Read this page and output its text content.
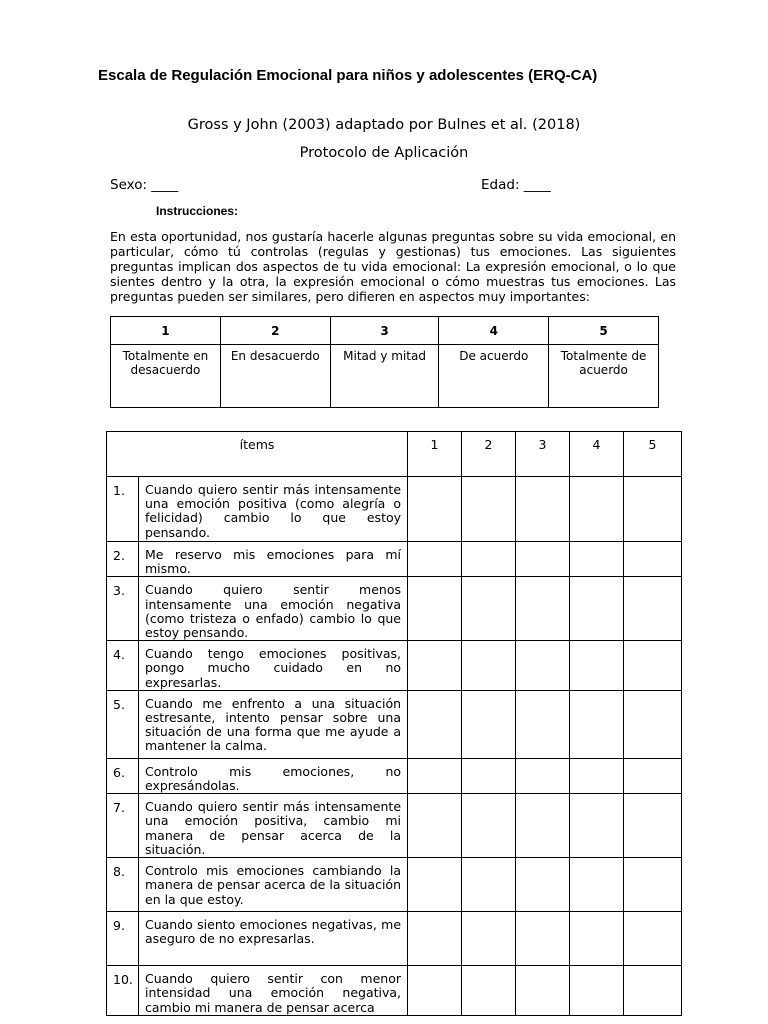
Escala de Regulación Emocional para niños y adolescentes (ERQ-CA)
Gross y John (2003) adaptado por Bulnes et al. (2018)
Protocolo de Aplicación
Sexo: ____	Edad: ____
Instrucciones:
En esta oportunidad, nos gustaría hacerle algunas preguntas sobre su vida emocional, en particular, cómo tú controlas (regulas y gestionas) tus emociones. Las siguientes preguntas implican dos aspectos de tu vida emocional: La expresión emocional, o lo que sientes dentro y la otra, la expresión emocional o cómo muestras tus emociones. Las preguntas pueden ser similares, pero difieren en aspectos muy importantes:
1	2	3	4	5
Totalmente en desacuerdo	En desacuerdo	Mitad y mitad	De acuerdo	Totalmente de acuerdo
ítems		1	2	3	4	5
1.	Cuando quiero sentir más intensamente una emoción positiva (como alegría o felicidad) cambio lo que estoy pensando.					
2.	Me reservo mis emociones para mí mismo.					
3.	Cuando quiero sentir menos intensamente una emoción negativa (como tristeza o enfado) cambio lo que estoy pensando.					
4.	Cuando tengo emociones positivas, pongo mucho cuidado en no expresarlas.					
5.	Cuando me enfrento a una situación estresante, intento pensar sobre una situación de una forma que me ayude a mantener la calma.					
6.	Controlo mis emociones, no expresándolas.					
7.	Cuando quiero sentir más intensamente una emoción positiva, cambio mi manera de pensar acerca de la situación.					
8.	Controlo mis emociones cambiando la manera de pensar acerca de la situación en la que estoy.					
9.	Cuando siento emociones negativas, me aseguro de no expresarlas.					
10.	Cuando quiero sentir con menor intensidad una emoción negativa, cambio mi manera de pensar acerca					
